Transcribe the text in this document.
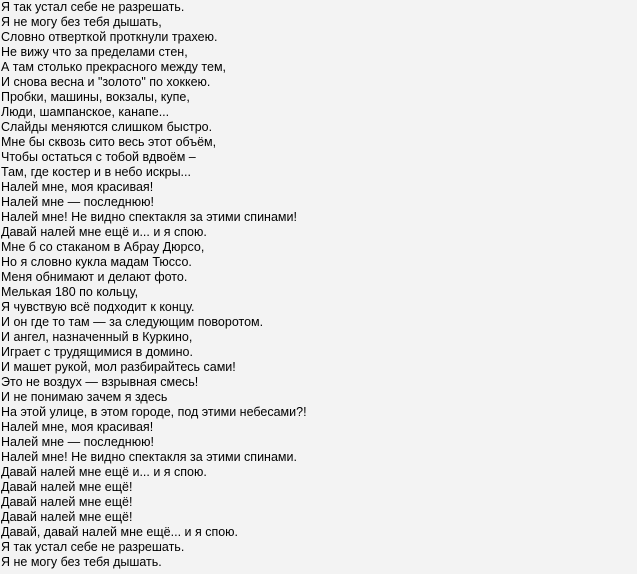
Я так устал себе не разрешать.
Я не могу без тебя дышать,
Словно отверткой проткнули трахею.
Не вижу что за пределами стен,
А там столько прекрасного между тем,
И снова весна и "золото" по хоккею.
Пробки, машины, вокзалы, купе,
Люди, шампанское, канапе...
Слайды меняются слишком быстро.
Мне бы сквозь сито весь этот объём,
Чтобы остаться с тобой вдвоём –
Там, где костер и в небо искры...
Налей мне, моя красивая!
Налей мне — последнюю!
Налей мне! Не видно спектакля за этими спинами!
Давай налей мне ещё и... и я спою.
Мне б со стаканом в Абрау Дюрсо,
Но я словно кукла мадам Тюссо.
Меня обнимают и делают фото.
Мелькая 180 по кольцу,
Я чувствую всё подходит к концу.
И он где то там — за следующим поворотом.
И ангел, назначенный в Куркино,
Играет с трудящимися в домино.
И машет рукой, мол разбирайтесь сами!
Это не воздух — взрывная смесь!
И не понимаю зачем я здесь
На этой улице, в этом городе, под этими небесами?!
Налей мне, моя красивая!
Налей мне — последнюю!
Налей мне! Не видно спектакля за этими спинами.
Давай налей мне ещё и... и я спою.
Давай налей мне ещё!
Давай налей мне ещё!
Давай налей мне ещё!
Давай, давай налей мне ещё... и я спою.
Я так устал себе не разрешать.
Я не могу без тебя дышать.
